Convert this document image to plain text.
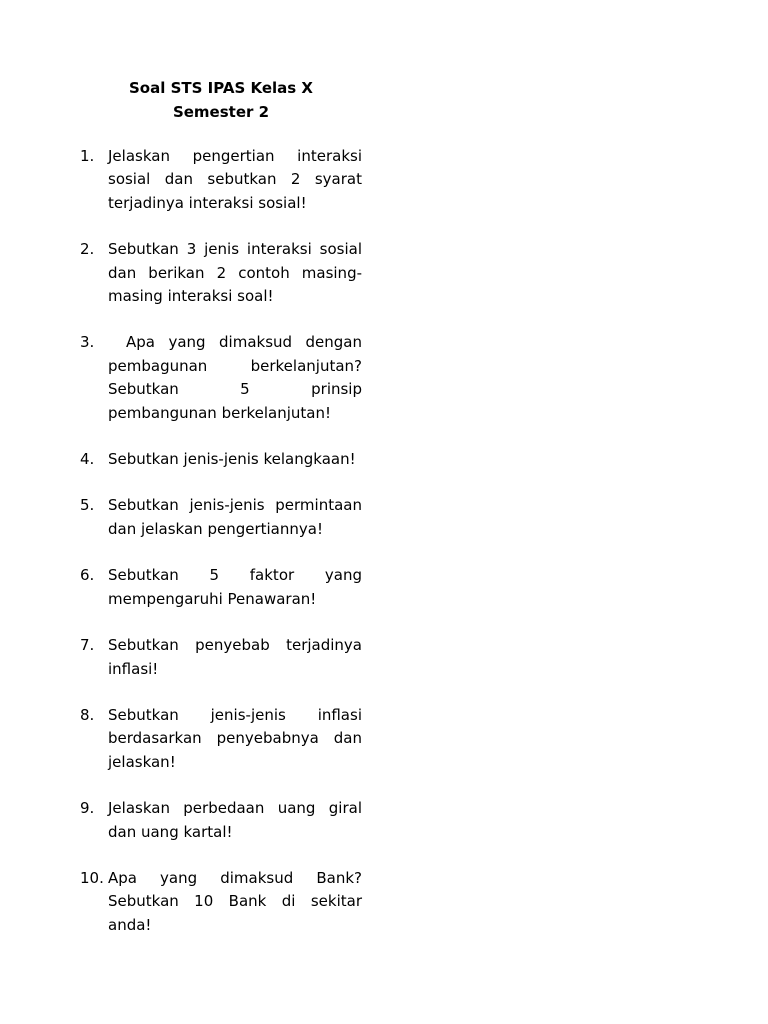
Soal STS IPAS Kelas X
Semester 2
1. Jelaskan pengertian interaksi sosial dan sebutkan 2 syarat terjadinya interaksi sosial!
2. Sebutkan 3 jenis interaksi sosial dan berikan 2 contoh masing-masing interaksi soal!
3.	Apa yang dimaksud dengan pembagunan berkelanjutan? Sebutkan 5 prinsip pembangunan berkelanjutan!
4. Sebutkan jenis-jenis kelangkaan!
5. Sebutkan jenis-jenis permintaan dan jelaskan pengertiannya!
6. Sebutkan 5 faktor yang mempengaruhi Penawaran!
7. Sebutkan penyebab terjadinya inflasi!
8. Sebutkan jenis-jenis inflasi berdasarkan penyebabnya dan jelaskan!
9. Jelaskan perbedaan uang giral dan uang kartal!
10. Apa yang dimaksud Bank? Sebutkan 10 Bank di sekitar anda!
